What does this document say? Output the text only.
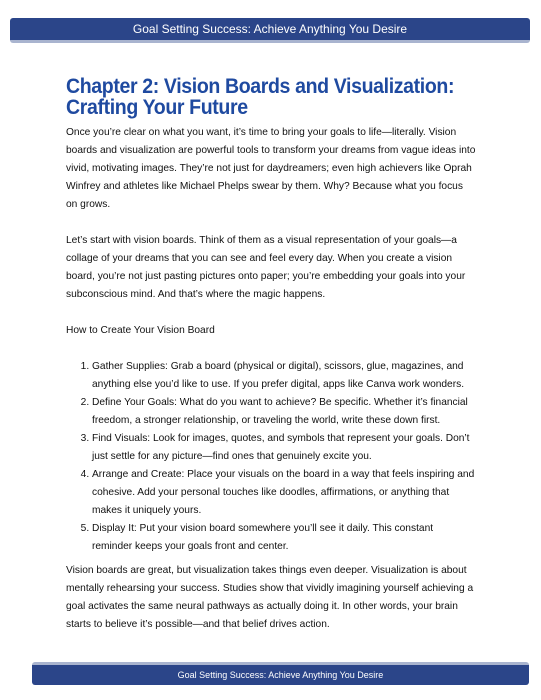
Goal Setting Success: Achieve Anything You Desire
Chapter 2: Vision Boards and Visualization: Crafting Your Future

Once you’re clear on what you want, it’s time to bring your goals to life—literally. Vision boards and visualization are powerful tools to transform your dreams from vague ideas into vivid, motivating images. They’re not just for daydreamers; even high achievers like Oprah Winfrey and athletes like Michael Phelps swear by them. Why? Because what you focus on grows.

Let’s start with vision boards. Think of them as a visual representation of your goals—a collage of your dreams that you can see and feel every day. When you create a vision board, you’re not just pasting pictures onto paper; you’re embedding your goals into your subconscious mind. And that’s where the magic happens.

How to Create Your Vision Board

1. Gather Supplies: Grab a board (physical or digital), scissors, glue, magazines, and anything else you’d like to use. If you prefer digital, apps like Canva work wonders.
2. Define Your Goals: What do you want to achieve? Be specific. Whether it’s financial freedom, a stronger relationship, or traveling the world, write these down first.
3. Find Visuals: Look for images, quotes, and symbols that represent your goals. Don’t just settle for any picture—find ones that genuinely excite you.
4. Arrange and Create: Place your visuals on the board in a way that feels inspiring and cohesive. Add your personal touches like doodles, affirmations, or anything that makes it uniquely yours.
5. Display It: Put your vision board somewhere you’ll see it daily. This constant reminder keeps your goals front and center.

Vision boards are great, but visualization takes things even deeper. Visualization is about mentally rehearsing your success. Studies show that vividly imagining yourself achieving a goal activates the same neural pathways as actually doing it. In other words, your brain starts to believe it’s possible—and that belief drives action.

Goal Setting Success: Achieve Anything You Desire
